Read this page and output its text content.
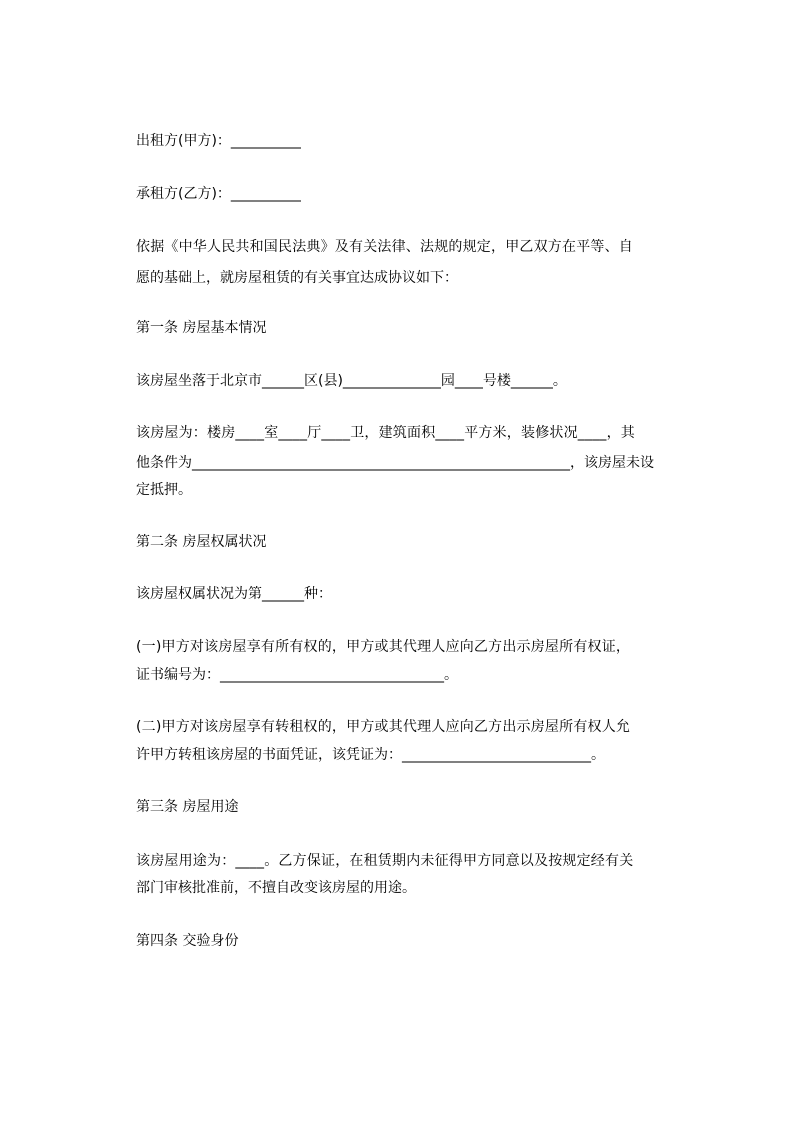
出租方(甲方)：__________

承租方(乙方)：__________

依据《中华人民共和国民法典》及有关法律、法规的规定，甲乙双方在平等、自

愿的基础上，就房屋租赁的有关事宜达成协议如下：

第一条 房屋基本情况

该房屋坐落于北京市______区(县)______________园____号楼______。

该房屋为：楼房____室____厅____卫，建筑面积____平方米，装修状况____，其

他条件为______________________________________________________，该房屋未设

定抵押。

第二条 房屋权属状况

该房屋权属状况为第______种：

(一)甲方对该房屋享有所有权的，甲方或其代理人应向乙方出示房屋所有权证，

证书编号为：________________________________。

(二)甲方对该房屋享有转租权的，甲方或其代理人应向乙方出示房屋所有权人允

许甲方转租该房屋的书面凭证，该凭证为：___________________________。

第三条 房屋用途

该房屋用途为：____。乙方保证，在租赁期内未征得甲方同意以及按规定经有关

部门审核批准前，不擅自改变该房屋的用途。

第四条 交验身份
